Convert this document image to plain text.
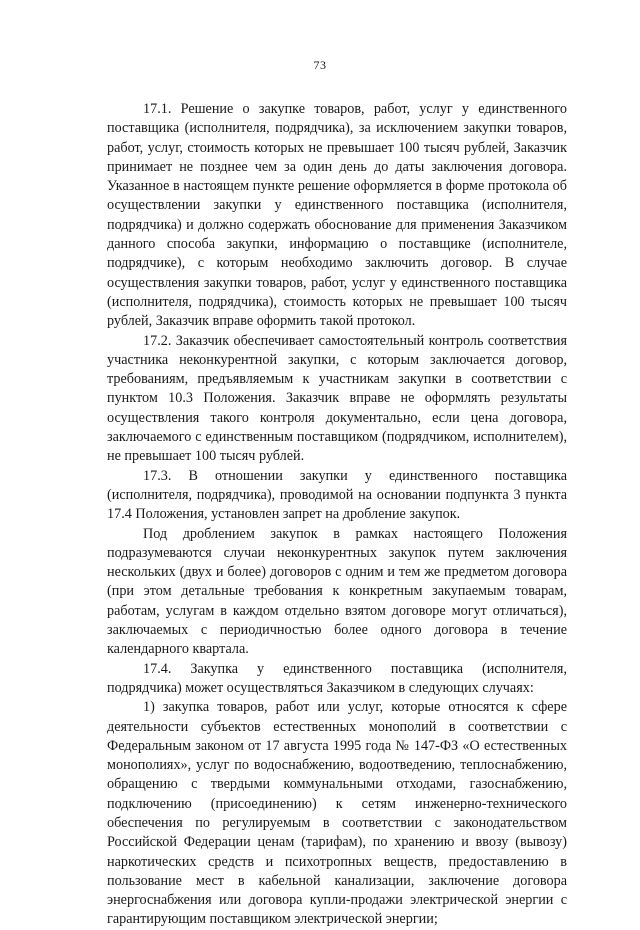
73

17.1. Решение о закупке товаров, работ, услуг у единственного поставщика (исполнителя, подрядчика), за исключением закупки товаров, работ, услуг, стоимость которых не превышает 100 тысяч рублей, Заказчик принимает не позднее чем за один день до даты заключения договора. Указанное в настоящем пункте решение оформляется в форме протокола об осуществлении закупки у единственного поставщика (исполнителя, подрядчика) и должно содержать обоснование для применения Заказчиком данного способа закупки, информацию о поставщике (исполнителе, подрядчике), с которым необходимо заключить договор. В случае осуществления закупки товаров, работ, услуг у единственного поставщика (исполнителя, подрядчика), стоимость которых не превышает 100 тысяч рублей, Заказчик вправе оформить такой протокол.

17.2. Заказчик обеспечивает самостоятельный контроль соответствия участника неконкурентной закупки, с которым заключается договор, требованиям, предъявляемым к участникам закупки в соответствии с пунктом 10.3 Положения. Заказчик вправе не оформлять результаты осуществления такого контроля документально, если цена договора, заключаемого с единственным поставщиком (подрядчиком, исполнителем), не превышает 100 тысяч рублей.

17.3. В отношении закупки у единственного поставщика (исполнителя, подрядчика), проводимой на основании подпункта 3 пункта 17.4 Положения, установлен запрет на дробление закупок.

Под дроблением закупок в рамках настоящего Положения подразумеваются случаи неконкурентных закупок путем заключения нескольких (двух и более) договоров с одним и тем же предметом договора (при этом детальные требования к конкретным закупаемым товарам, работам, услугам в каждом отдельно взятом договоре могут отличаться), заключаемых с периодичностью более одного договора в течение календарного квартала.

17.4. Закупка у единственного поставщика (исполнителя, подрядчика) может осуществляться Заказчиком в следующих случаях:

1) закупка товаров, работ или услуг, которые относятся к сфере деятельности субъектов естественных монополий в соответствии с Федеральным законом от 17 августа 1995 года № 147-ФЗ «О естественных монополиях», услуг по водоснабжению, водоотведению, теплоснабжению, обращению с твердыми коммунальными отходами, газоснабжению, подключению (присоединению) к сетям инженерно-технического обеспечения по регулируемым в соответствии с законодательством Российской Федерации ценам (тарифам), по хранению и ввозу (вывозу) наркотических средств и психотропных веществ, предоставлению в пользование мест в кабельной канализации, заключение договора энергоснабжения или договора купли-продажи электрической энергии с гарантирующим поставщиком электрической энергии;
